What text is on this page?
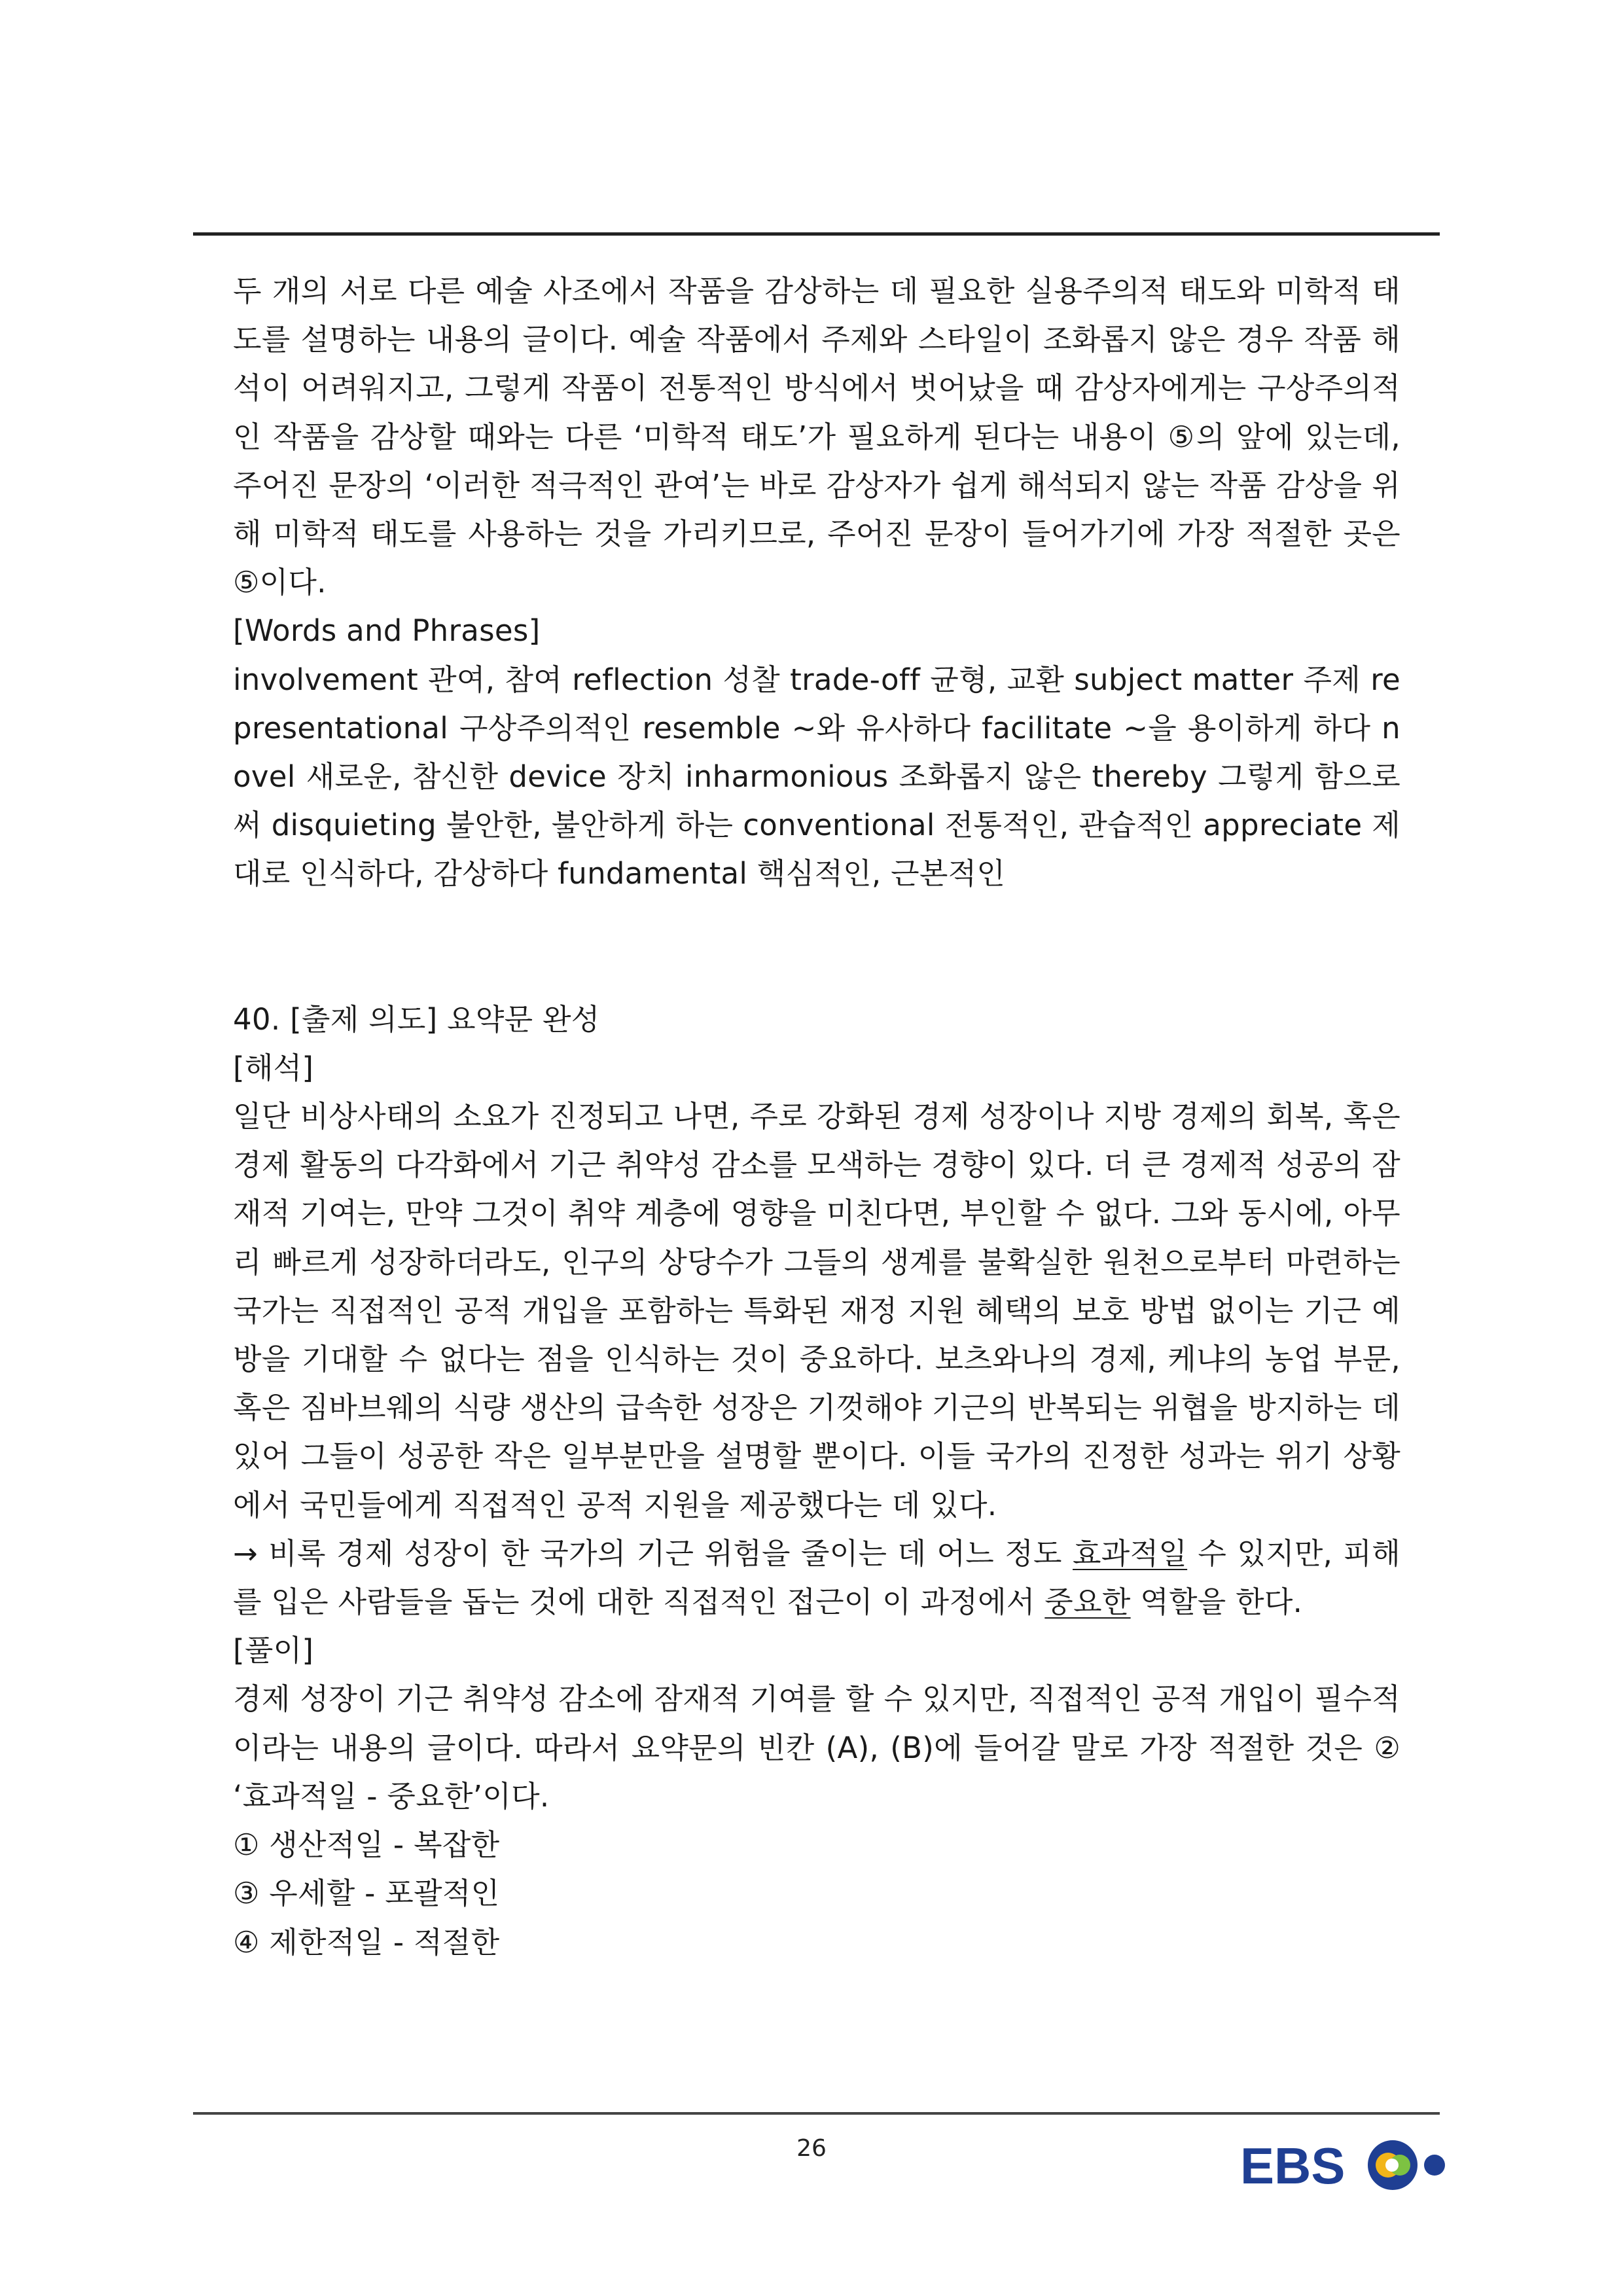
두 개의 서로 다른 예술 사조에서 작품을 감상하는 데 필요한 실용주의적 태도와 미학적 태도를 설명하는 내용의 글이다. 예술 작품에서 주제와 스타일이 조화롭지 않은 경우 작품 해석이 어려워지고, 그렇게 작품이 전통적인 방식에서 벗어났을 때 감상자에게는 구상주의적인 작품을 감상할 때와는 다른 ‘미학적 태도’가 필요하게 된다는 내용이 ⑤의 앞에 있는데, 주어진 문장의 ‘이러한 적극적인 관여’는 바로 감상자가 쉽게 해석되지 않는 작품 감상을 위해 미학적 태도를 사용하는 것을 가리키므로, 주어진 문장이 들어가기에 가장 적절한 곳은 ⑤이다.

[Words and Phrases]

involvement 관여, 참여 reflection 성찰 trade-off 균형, 교환 subject matter 주제 representational 구상주의적인 resemble ~와 유사하다 facilitate ~을 용이하게 하다 novel 새로운, 참신한 device 장치 inharmonious 조화롭지 않은 thereby 그렇게 함으로써 disquieting 불안한, 불안하게 하는 conventional 전통적인, 관습적인 appreciate 제대로 인식하다, 감상하다 fundamental 핵심적인, 근본적인

40. [출제 의도] 요약문 완성

[해석]

일단 비상사태의 소요가 진정되고 나면, 주로 강화된 경제 성장이나 지방 경제의 회복, 혹은 경제 활동의 다각화에서 기근 취약성 감소를 모색하는 경향이 있다. 더 큰 경제적 성공의 잠재적 기여는, 만약 그것이 취약 계층에 영향을 미친다면, 부인할 수 없다. 그와 동시에, 아무리 빠르게 성장하더라도, 인구의 상당수가 그들의 생계를 불확실한 원천으로부터 마련하는 국가는 직접적인 공적 개입을 포함하는 특화된 재정 지원 혜택의 보호 방법 없이는 기근 예방을 기대할 수 없다는 점을 인식하는 것이 중요하다. 보츠와나의 경제, 케냐의 농업 부문, 혹은 짐바브웨의 식량 생산의 급속한 성장은 기껏해야 기근의 반복되는 위협을 방지하는 데 있어 그들이 성공한 작은 일부분만을 설명할 뿐이다. 이들 국가의 진정한 성과는 위기 상황에서 국민들에게 직접적인 공적 지원을 제공했다는 데 있다.

→ 비록 경제 성장이 한 국가의 기근 위험을 줄이는 데 어느 정도 효과적일 수 있지만, 피해를 입은 사람들을 돕는 것에 대한 직접적인 접근이 이 과정에서 중요한 역할을 한다.

[풀이]

경제 성장이 기근 취약성 감소에 잠재적 기여를 할 수 있지만, 직접적인 공적 개입이 필수적이라는 내용의 글이다. 따라서 요약문의 빈칸 (A), (B)에 들어갈 말로 가장 적절한 것은 ② ‘효과적일 - 중요한’이다.

① 생산적일 - 복잡한

③ 우세할 - 포괄적인

④ 제한적일 - 적절한

26	EBS
